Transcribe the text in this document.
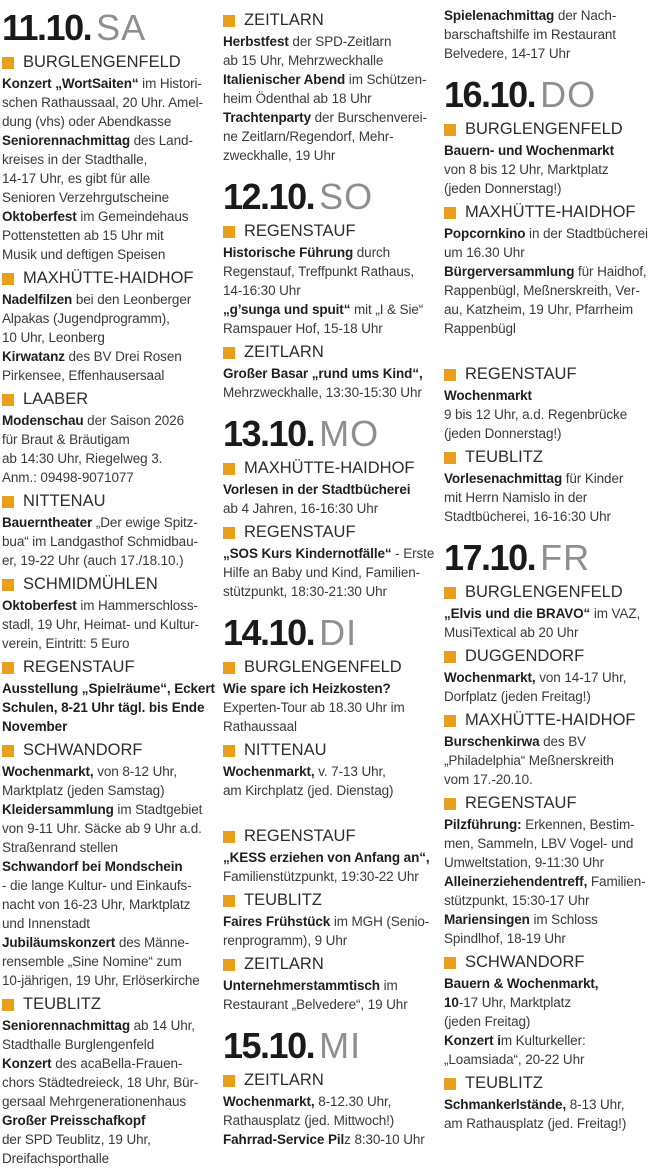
11.10. SA
BURGLENGENFELD

Konzert „WortSaiten“ im Histori-
schen Rathaussaal, 20 Uhr. Amel-
dung (vhs) oder Abendkasse
Seniorennachmittag des Land-
kreises in der Stadthalle,
14-17 Uhr, es gibt für alle
Senioren Verzehrgutscheine
Oktoberfest im Gemeindehaus
Pottenstetten ab 15 Uhr mit
Musik und deftigen Speisen

MAXHÜTTE-HAIDHOF

Nadelfilzen bei den Leonberger
Alpakas (Jugendprogramm),
10 Uhr, Leonberg
Kirwatanz des BV Drei Rosen
Pirkensee, Effenhausersaal

LAABER

Modenschau der Saison 2026
für Braut & Bräutigam
ab 14:30 Uhr, Riegelweg 3.
Anm.: 09498-9071077

NITTENAU

Bauerntheater „Der ewige Spitz-
bua“ im Landgasthof Schmidbau-
er, 19-22 Uhr (auch 17./18.10.)

SCHMIDMÜHLEN

Oktoberfest im Hammerschloss-
stadl, 19 Uhr, Heimat- und Kultur-
verein, Eintritt: 5 Euro

REGENSTAUF

Ausstellung „Spielräume“, Eckert
Schulen, 8-21 Uhr tägl. bis Ende
November

SCHWANDORF

Wochenmarkt, von 8-12 Uhr,
Marktplatz (jeden Samstag)
Kleidersammlung im Stadtgebiet
von 9-11 Uhr. Säcke ab 9 Uhr a.d.
Straßenrand stellen
Schwandorf bei Mondschein
- die lange Kultur- und Einkaufs-
nacht von 16-23 Uhr, Marktplatz
und Innenstadt
Jubiläumskonzert des Männe-
rensemble „Sine Nomine“ zum
10-jährigen, 19 Uhr, Erlöserkirche

TEUBLITZ

Seniorennachmittag ab 14 Uhr,
Stadthalle Burglengenfeld
Konzert des acaBella-Frauen-
chors Städtedreieck, 18 Uhr, Bür-
gersaal Mehrgenerationenhaus
Großer Preisschafkopf
der SPD Teublitz, 19 Uhr,
Dreifachsporthalle

ZEITLARN

Herbstfest der SPD-Zeitlarn
ab 15 Uhr, Mehrzweckhalle
Italienischer Abend im Schützen-
heim Ödenthal ab 18 Uhr
Trachtenparty der Burschenverei-
ne Zeitlarn/Regendorf, Mehr-
zweckhalle, 19 Uhr

12.10. SO
REGENSTAUF

Historische Führung durch
Regenstauf, Treffpunkt Rathaus,
14-16:30 Uhr
„g’sunga und spuit“ mit „I & Sie“
Ramspauer Hof, 15-18 Uhr

ZEITLARN

Großer Basar „rund ums Kind“,
Mehrzweckhalle, 13:30-15:30 Uhr

13.10. MO
MAXHÜTTE-HAIDHOF

Vorlesen in der Stadtbücherei
ab 4 Jahren, 16-16:30 Uhr

REGENSTAUF

„SOS Kurs Kindernotfälle“ - Erste
Hilfe an Baby und Kind, Familien-
stützpunkt, 18:30-21:30 Uhr

14.10. DI
BURGLENGENFELD

Wie spare ich Heizkosten?
Experten-Tour ab 18.30 Uhr im
Rathaussaal

NITTENAU

Wochenmarkt, v. 7-13 Uhr,
am Kirchplatz (jed. Dienstag)

REGENSTAUF

„KESS erziehen von Anfang an“,
Familienstützpunkt, 19:30-22 Uhr

TEUBLITZ

Faires Frühstück im MGH (Senio-
renprogramm), 9 Uhr

ZEITLARN

Unternehmerstammtisch im
Restaurant „Belvedere“, 19 Uhr

15.10. MI
ZEITLARN

Wochenmarkt, 8-12.30 Uhr,
Rathausplatz (jed. Mittwoch!)
Fahrrad-Service Pilz 8:30-10 Uhr

Spielenachmittag der Nach-
barschaftshilfe im Restaurant
Belvedere, 14-17 Uhr

16.10. DO
BURGLENGENFELD

Bauern- und Wochenmarkt
von 8 bis 12 Uhr, Marktplatz
(jeden Donnerstag!)

MAXHÜTTE-HAIDHOF

Popcornkino in der Stadtbücherei
um 16.30 Uhr
Bürgerversammlung für Haidhof,
Rappenbügl, Meßnerskreith, Ver-
au, Katzheim, 19 Uhr, Pfarrheim
Rappenbügl

REGENSTAUF

Wochenmarkt
9 bis 12 Uhr, a.d. Regenbrücke
(jeden Donnerstag!)

TEUBLITZ

Vorlesenachmittag für Kinder
mit Herrn Namislo in der
Stadtbücherei, 16-16:30 Uhr

17.10. FR
BURGLENGENFELD

„Elvis und die BRAVO“ im VAZ,
MusiTextical ab 20 Uhr

DUGGENDORF

Wochenmarkt, von 14-17 Uhr,
Dorfplatz (jeden Freitag!)

MAXHÜTTE-HAIDHOF

Burschenkirwa des BV
„Philadelphia“ Meßnerskreith
vom 17.-20.10.

REGENSTAUF

Pilzführung: Erkennen, Bestim-
men, Sammeln, LBV Vogel- und
Umweltstation, 9-11:30 Uhr
Alleinerziehendentreff, Familien-
stützpunkt, 15:30-17 Uhr
Mariensingen im Schloss
Spindlhof, 18-19 Uhr

SCHWANDORF

Bauern & Wochenmarkt,
10-17 Uhr, Marktplatz
(jeden Freitag)
Konzert im Kulturkeller:
„Loamsiada“, 20-22 Uhr

TEUBLITZ

Schmankerlstände, 8-13 Uhr,
am Rathausplatz (jed. Freitag!)
